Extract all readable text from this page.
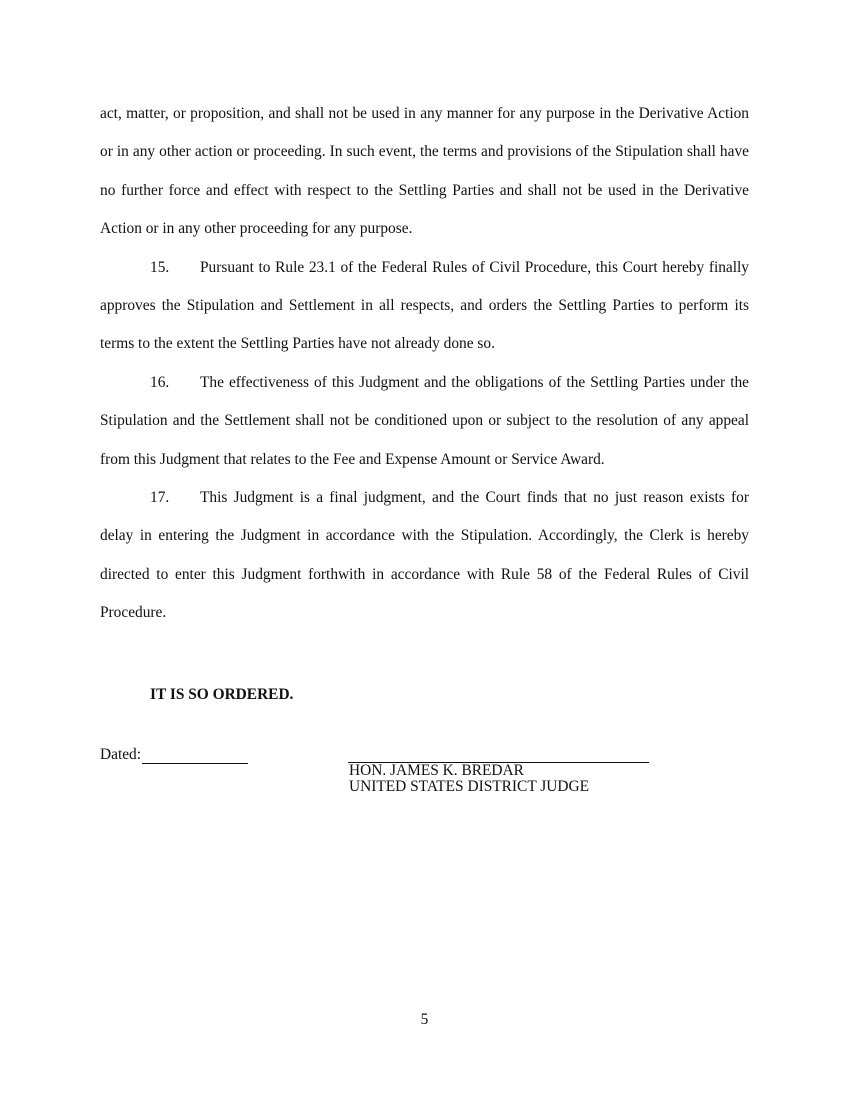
act, matter, or proposition, and shall not be used in any manner for any purpose in the Derivative Action or in any other action or proceeding. In such event, the terms and provisions of the Stipulation shall have no further force and effect with respect to the Settling Parties and shall not be used in the Derivative Action or in any other proceeding for any purpose.

15. Pursuant to Rule 23.1 of the Federal Rules of Civil Procedure, this Court hereby finally approves the Stipulation and Settlement in all respects, and orders the Settling Parties to perform its terms to the extent the Settling Parties have not already done so.

16. The effectiveness of this Judgment and the obligations of the Settling Parties under the Stipulation and the Settlement shall not be conditioned upon or subject to the resolution of any appeal from this Judgment that relates to the Fee and Expense Amount or Service Award.

17. This Judgment is a final judgment, and the Court finds that no just reason exists for delay in entering the Judgment in accordance with the Stipulation. Accordingly, the Clerk is hereby directed to enter this Judgment forthwith in accordance with Rule 58 of the Federal Rules of Civil Procedure.

IT IS SO ORDERED.
Dated:
HON. JAMES K. BREDAR
UNITED STATES DISTRICT JUDGE
5
